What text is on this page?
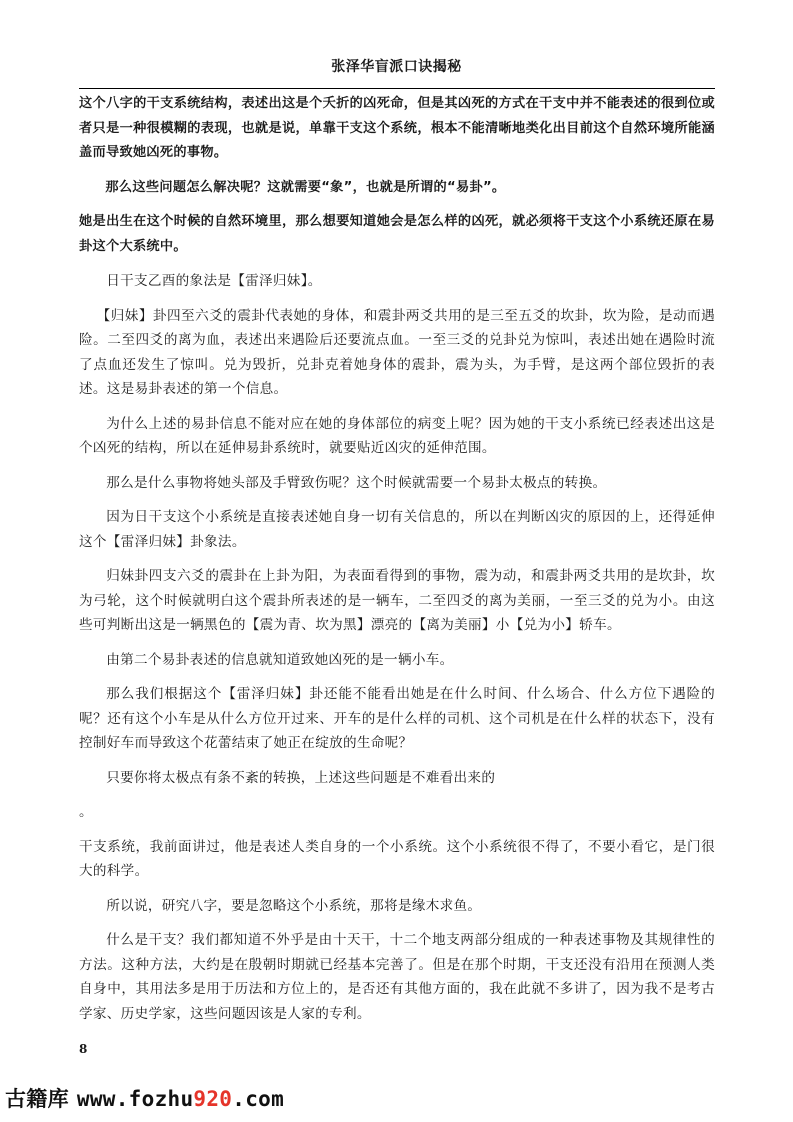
张泽华盲派口诀揭秘

这个八字的干支系统结构，表述出这是个夭折的凶死命，但是其凶死的方式在干支中并不能表述的很到位或者只是一种很模糊的表现，也就是说，单靠干支这个系统，根本不能清晰地类化出目前这个自然环境所能涵盖而导致她凶死的事物。

那么这些问题怎么解决呢？这就需要“象”，也就是所谓的“易卦”。

她是出生在这个时候的自然环境里，那么想要知道她会是怎么样的凶死，就必须将干支这个小系统还原在易卦这个大系统中。

日干支乙酉的象法是【雷泽归妹】。

【归妹】卦四至六爻的震卦代表她的身体，和震卦两爻共用的是三至五爻的坎卦，坎为险，是动而遇险。二至四爻的离为血，表述出来遇险后还要流点血。一至三爻的兑卦兑为惊叫，表述出她在遇险时流了点血还发生了惊叫。兑为毁折，兑卦克着她身体的震卦，震为头，为手臂，是这两个部位毁折的表述。这是易卦表述的第一个信息。

为什么上述的易卦信息不能对应在她的身体部位的病变上呢？因为她的干支小系统已经表述出这是个凶死的结构，所以在延伸易卦系统时，就要贴近凶灾的延伸范围。

那么是什么事物将她头部及手臂致伤呢？这个时候就需要一个易卦太极点的转换。

因为日干支这个小系统是直接表述她自身一切有关信息的，所以在判断凶灾的原因的上，还得延伸这个【雷泽归妹】卦象法。

归妹卦四支六爻的震卦在上卦为阳，为表面看得到的事物，震为动，和震卦两爻共用的是坎卦，坎为弓轮，这个时候就明白这个震卦所表述的是一辆车，二至四爻的离为美丽，一至三爻的兑为小。由这些可判断出这是一辆黑色的【震为青、坎为黑】漂亮的【离为美丽】小【兑为小】轿车。

由第二个易卦表述的信息就知道致她凶死的是一辆小车。

那么我们根据这个【雷泽归妹】卦还能不能看出她是在什么时间、什么场合、什么方位下遇险的呢？还有这个小车是从什么方位开过来、开车的是什么样的司机、这个司机是在什么样的状态下，没有控制好车而导致这个花蕾结束了她正在绽放的生命呢？

只要你将太极点有条不紊的转换，上述这些问题是不难看出来的

。

干支系统，我前面讲过，他是表述人类自身的一个小系统。这个小系统很不得了，不要小看它，是门很大的科学。

所以说，研究八字，要是忽略这个小系统，那将是缘木求鱼。

什么是干支？我们都知道不外乎是由十天干，十二个地支两部分组成的一种表述事物及其规律性的方法。这种方法，大约是在殷朝时期就已经基本完善了。但是在那个时期，干支还没有沿用在预测人类自身中，其用法多是用于历法和方位上的，是否还有其他方面的，我在此就不多讲了，因为我不是考古学家、历史学家，这些问题因该是人家的专利。

8
古籍库 www.fozhu920.com
